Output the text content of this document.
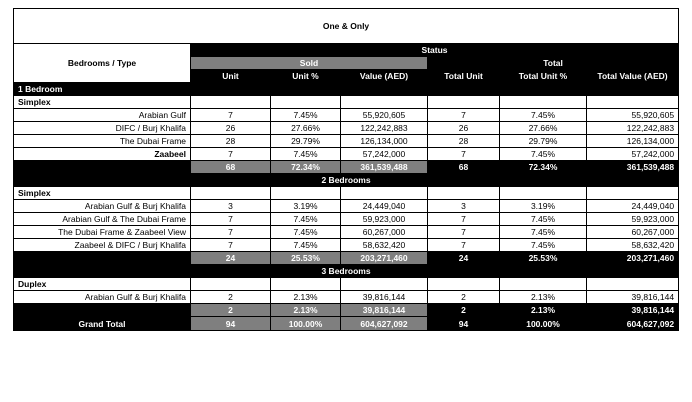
One & Only						
Bedrooms / Type	Status					
	Sold			Total		
	Unit	Unit %	Value (AED)	Total Unit	Total Unit %	Total Value (AED)
1 Bedroom						
Simplex						
Arabian Gulf	7	7.45%	55,920,605	7	7.45%	55,920,605
DIFC / Burj Khalifa	26	27.66%	122,242,883	26	27.66%	122,242,883
The Dubai Frame	28	29.79%	126,134,000	28	29.79%	126,134,000
Zaabeel	7	7.45%	57,242,000	7	7.45%	57,242,000
	68	72.34%	361,539,488	68	72.34%	361,539,488
2 Bedrooms						
Simplex						
Arabian Gulf & Burj Khalifa	3	3.19%	24,449,040	3	3.19%	24,449,040
Arabian Gulf & The Dubai Frame	7	7.45%	59,923,000	7	7.45%	59,923,000
The Dubai Frame & Zaabeel View	7	7.45%	60,267,000	7	7.45%	60,267,000
Zaabeel & DIFC / Burj Khalifa	7	7.45%	58,632,420	7	7.45%	58,632,420
	24	25.53%	203,271,460	24	25.53%	203,271,460
3 Bedrooms						
Duplex						
Arabian Gulf & Burj Khalifa	2	2.13%	39,816,144	2	2.13%	39,816,144
	2	2.13%	39,816,144	2	2.13%	39,816,144
Grand Total	94	100.00%	604,627,092	94	100.00%	604,627,092
